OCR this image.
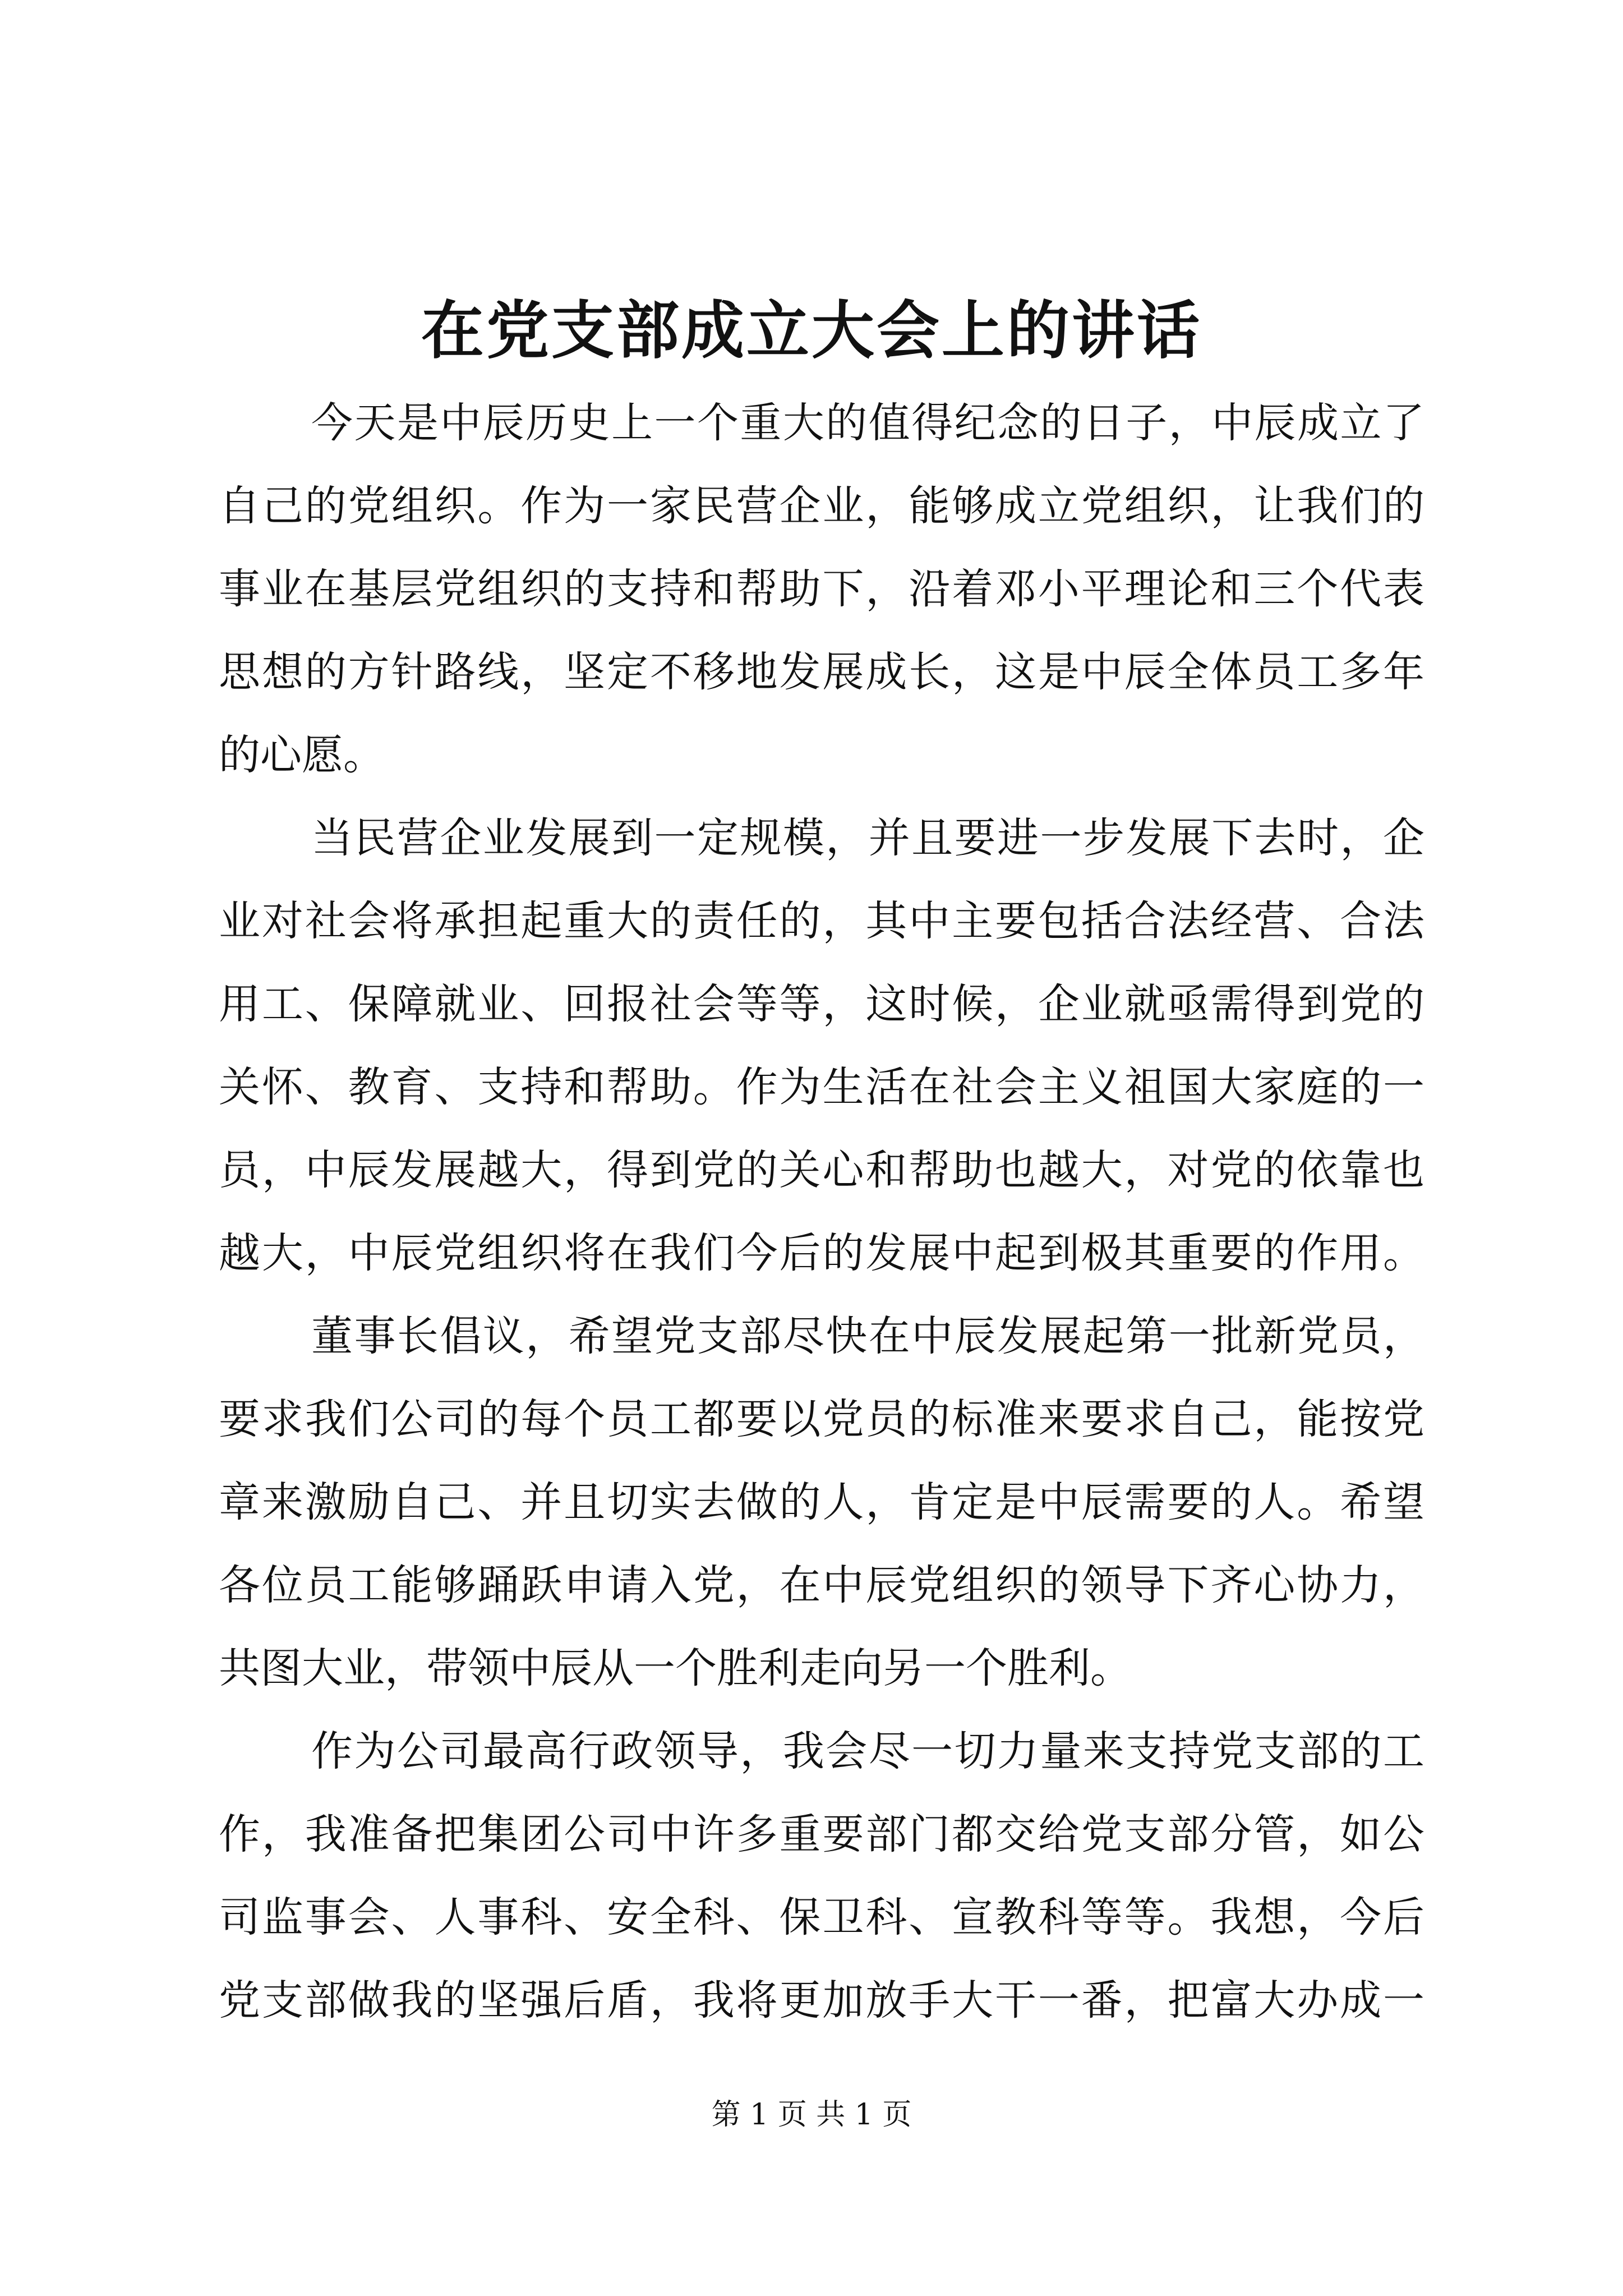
在党支部成立大会上的讲话
今天是中辰历史上一个重大的值得纪念的日子，中辰成立了
自己的党组织。作为一家民营企业，能够成立党组织，让我们的
事业在基层党组织的支持和帮助下，沿着邓小平理论和三个代表
思想的方针路线，坚定不移地发展成长，这是中辰全体员工多年
的心愿。
当民营企业发展到一定规模，并且要进一步发展下去时，企
业对社会将承担起重大的责任的，其中主要包括合法经营、合法
用工、保障就业、回报社会等等，这时候，企业就亟需得到党的
关怀、教育、支持和帮助。作为生活在社会主义祖国大家庭的一
员，中辰发展越大，得到党的关心和帮助也越大，对党的依靠也
越大，中辰党组织将在我们今后的发展中起到极其重要的作用。
董事长倡议，希望党支部尽快在中辰发展起第一批新党员，
要求我们公司的每个员工都要以党员的标准来要求自己，能按党
章来激励自己、并且切实去做的人，肯定是中辰需要的人。希望
各位员工能够踊跃申请入党，在中辰党组织的领导下齐心协力，
共图大业，带领中辰从一个胜利走向另一个胜利。
作为公司最高行政领导，我会尽一切力量来支持党支部的工
作，我准备把集团公司中许多重要部门都交给党支部分管，如公
司监事会、人事科、安全科、保卫科、宣教科等等。我想，今后
党支部做我的坚强后盾，我将更加放手大干一番，把富大办成一
第 1 页 共 1 页
